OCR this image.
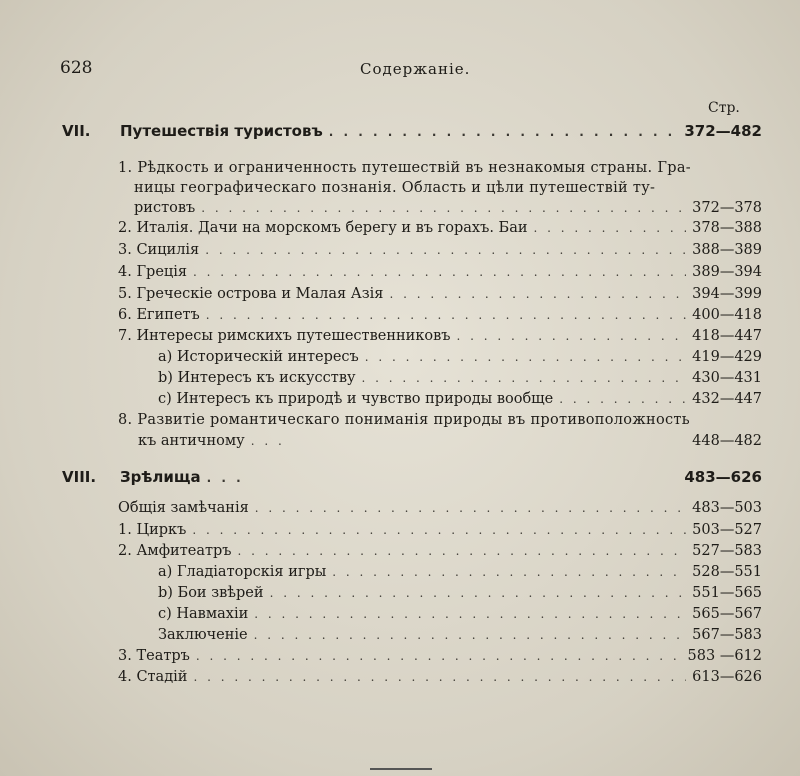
628	Содержаніе.
Стр.
VII. Путешествія туристовъ . . .	372—482
1. Рѣдкость и ограниченность путешествій въ незнакомыя страны. Гра-
ницы географическаго познанія. Область и цѣли путешествій ту-
ристовъ . . .	372—378
2. Италія. Дачи на морскомъ берегу и въ горахъ. Баи . . .	378—388
3. Сицилія . . .	388—389
4. Греція . . .	389—394
5. Греческіе острова и Малая Азія . . .	394—399
6. Египетъ . . .	400—418
7. Интересы римскихъ путешественниковъ . . .	418—447
a) Историческій интересъ . . .	419—429
b) Интересъ къ искусству . . .	430—431
c) Интересъ къ природѣ и чувство природы вообще . . .	432—447
8. Развитіе романтическаго пониманія природы въ противоположность
къ античному . . .	448—482
VIII. Зрѣлища . . .	483—626
Общія замѣчанія . . .	483—503
1. Циркъ . . .	503—527
2. Амфитеатръ . . .	527—583
a) Гладіаторскія игры . . .	528—551
b) Бои звѣрей . . .	551—565
c) Навмахіи . . .	565—567
Заключеніе . . .	567—583
3. Театръ . . .	583 —612
4. Стадій . . .	613—626
